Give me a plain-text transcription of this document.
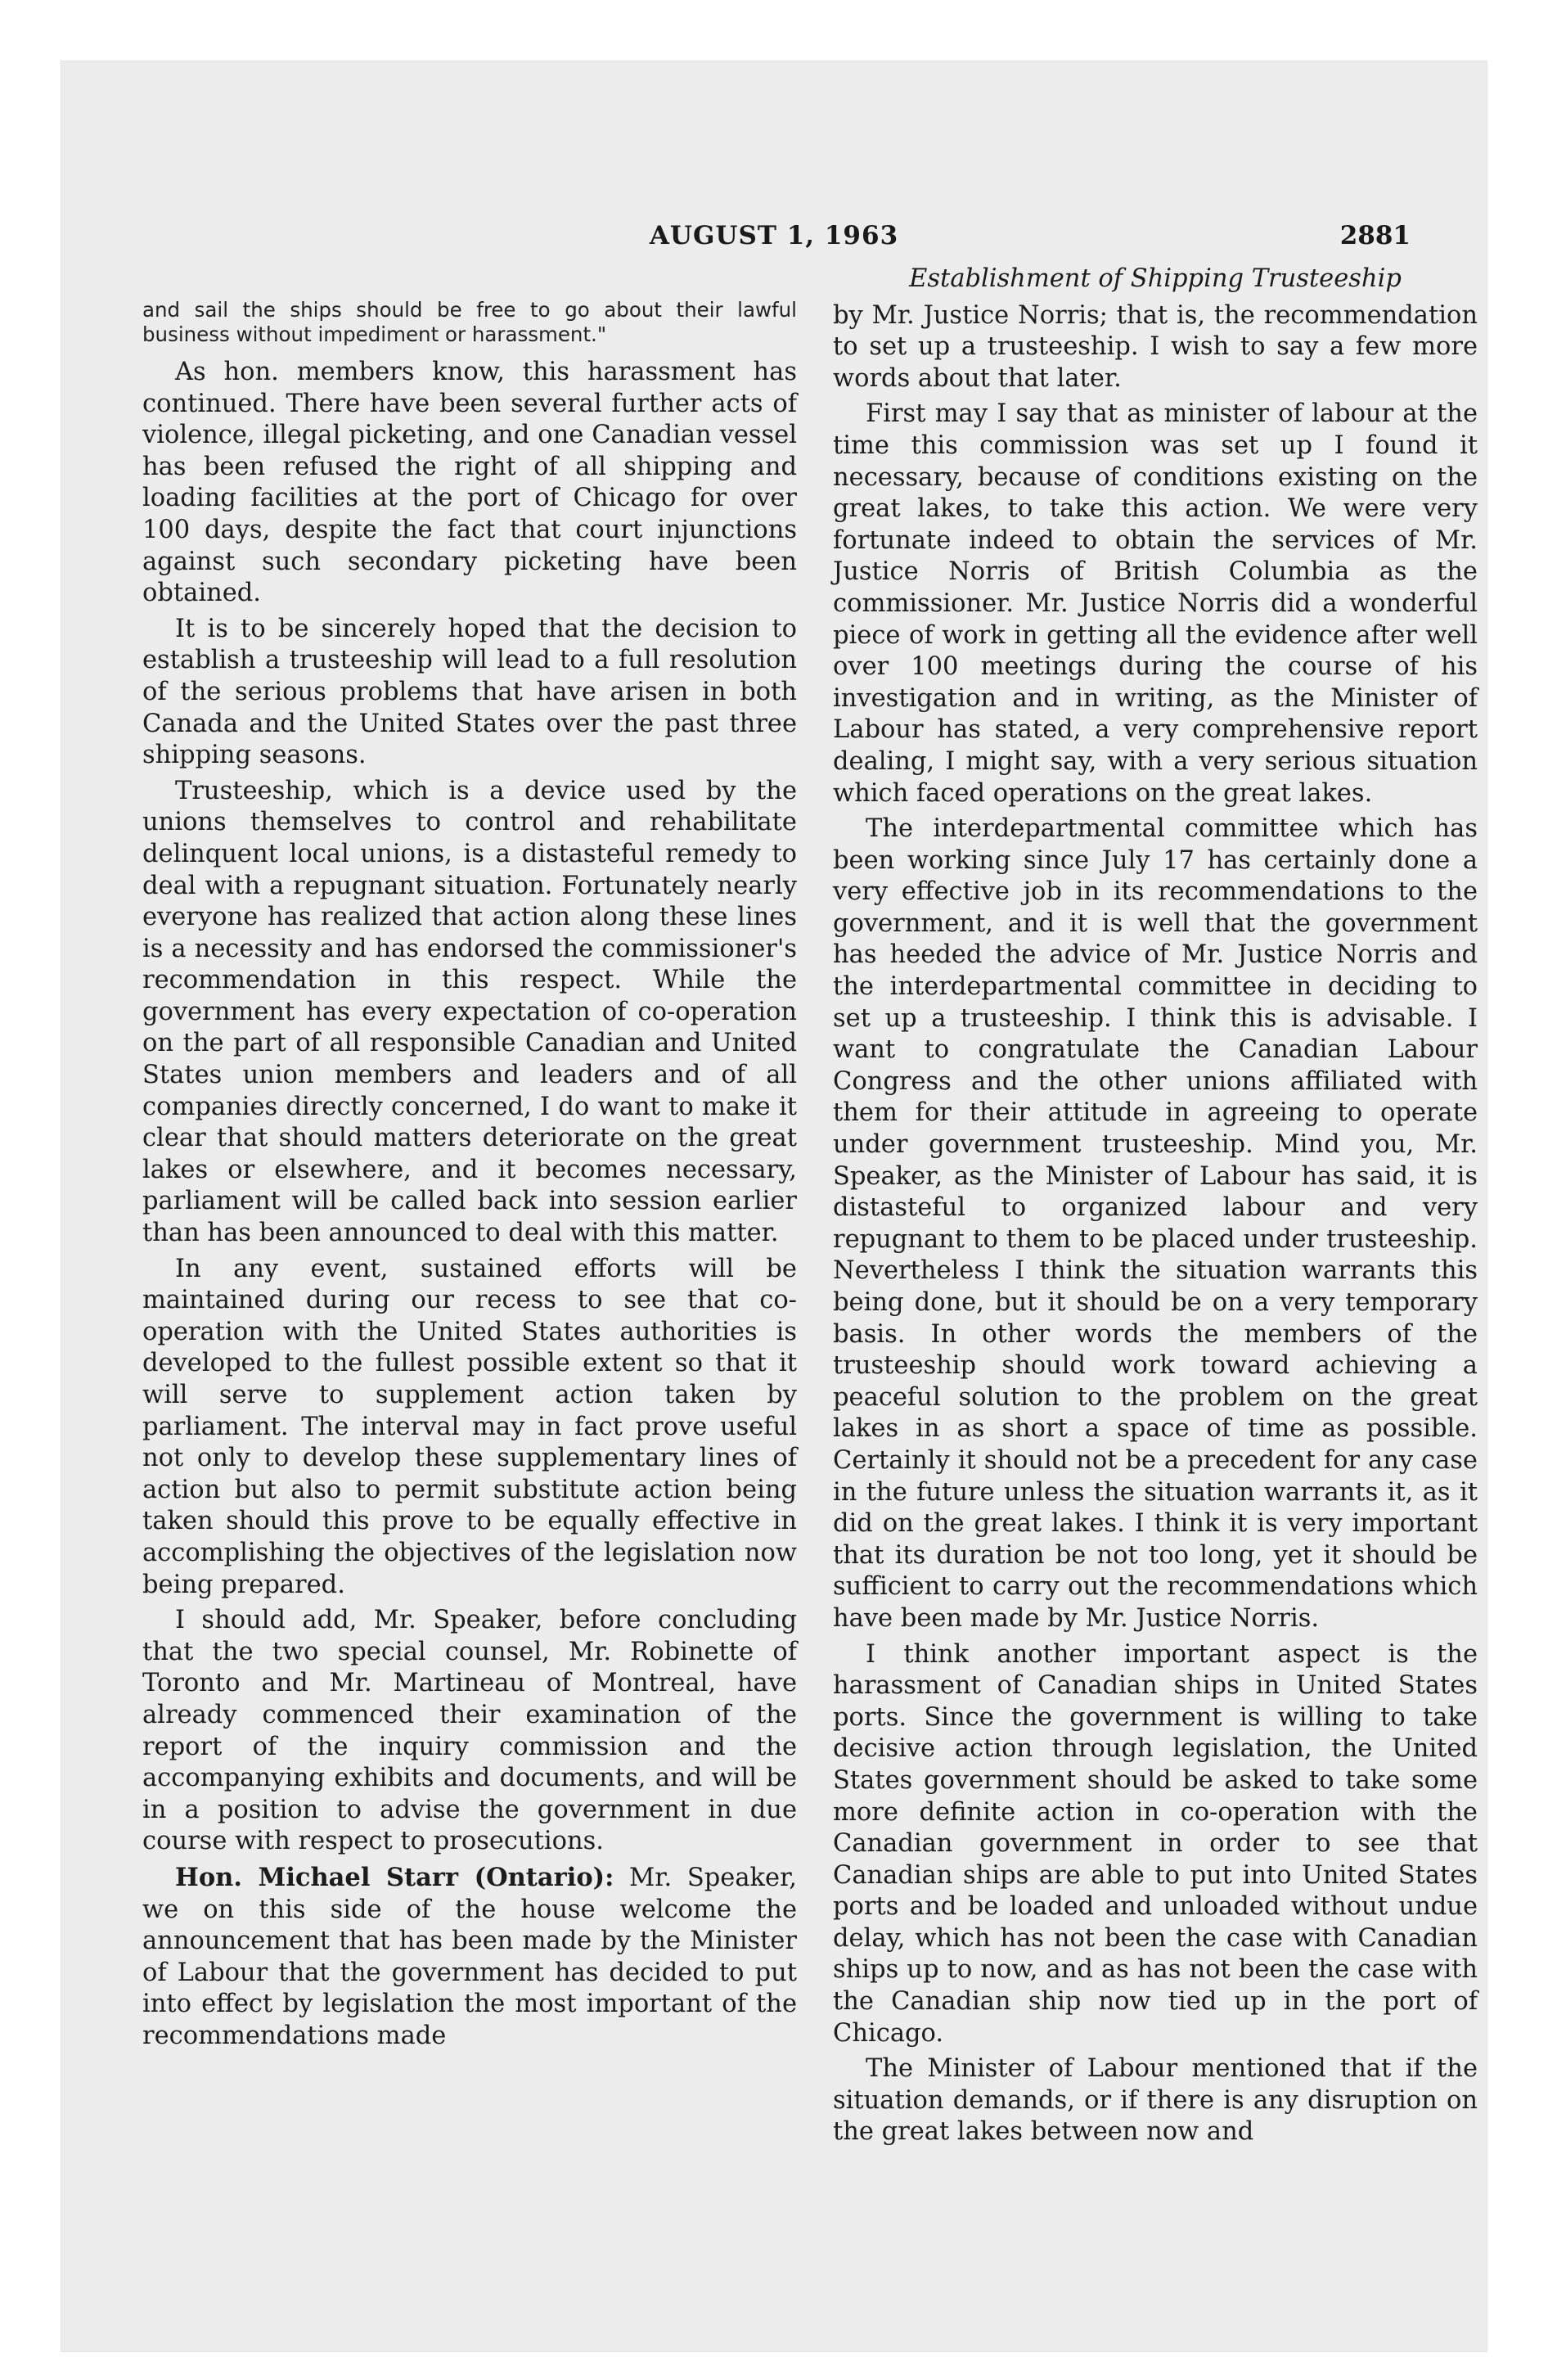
AUGUST 1, 1963	2881

and sail the ships should be free to go about their lawful business without impediment or harassment."

As hon. members know, this harassment has continued. There have been several further acts of violence, illegal picketing, and one Canadian vessel has been refused the right of all shipping and loading facilities at the port of Chicago for over 100 days, despite the fact that court injunctions against such secondary picketing have been obtained.

It is to be sincerely hoped that the decision to establish a trusteeship will lead to a full resolution of the serious problems that have arisen in both Canada and the United States over the past three shipping seasons.

Trusteeship, which is a device used by the unions themselves to control and rehabilitate delinquent local unions, is a distasteful remedy to deal with a repugnant situation. Fortunately nearly everyone has realized that action along these lines is a necessity and has endorsed the commissioner's recommendation in this respect. While the government has every expectation of co-operation on the part of all responsible Canadian and United States union members and leaders and of all companies directly concerned, I do want to make it clear that should matters deteriorate on the great lakes or elsewhere, and it becomes necessary, parliament will be called back into session earlier than has been announced to deal with this matter.

In any event, sustained efforts will be maintained during our recess to see that co-operation with the United States authorities is developed to the fullest possible extent so that it will serve to supplement action taken by parliament. The interval may in fact prove useful not only to develop these supplementary lines of action but also to permit substitute action being taken should this prove to be equally effective in accomplishing the objectives of the legislation now being prepared.

I should add, Mr. Speaker, before concluding that the two special counsel, Mr. Robinette of Toronto and Mr. Martineau of Montreal, have already commenced their examination of the report of the inquiry commission and the accompanying exhibits and documents, and will be in a position to advise the government in due course with respect to prosecutions.

Hon. Michael Starr (Ontario): Mr. Speaker, we on this side of the house welcome the announcement that has been made by the Minister of Labour that the government has decided to put into effect by legislation the most important of the recommendations made

Establishment of Shipping Trusteeship

by Mr. Justice Norris; that is, the recommendation to set up a trusteeship. I wish to say a few more words about that later.

First may I say that as minister of labour at the time this commission was set up I found it necessary, because of conditions existing on the great lakes, to take this action. We were very fortunate indeed to obtain the services of Mr. Justice Norris of British Columbia as the commissioner. Mr. Justice Norris did a wonderful piece of work in getting all the evidence after well over 100 meetings during the course of his investigation and in writing, as the Minister of Labour has stated, a very comprehensive report dealing, I might say, with a very serious situation which faced operations on the great lakes.

The interdepartmental committee which has been working since July 17 has certainly done a very effective job in its recommendations to the government, and it is well that the government has heeded the advice of Mr. Justice Norris and the interdepartmental committee in deciding to set up a trusteeship. I think this is advisable. I want to congratulate the Canadian Labour Congress and the other unions affiliated with them for their attitude in agreeing to operate under government trusteeship. Mind you, Mr. Speaker, as the Minister of Labour has said, it is distasteful to organized labour and very repugnant to them to be placed under trusteeship. Nevertheless I think the situation warrants this being done, but it should be on a very temporary basis. In other words the members of the trusteeship should work toward achieving a peaceful solution to the problem on the great lakes in as short a space of time as possible. Certainly it should not be a precedent for any case in the future unless the situation warrants it, as it did on the great lakes. I think it is very important that its duration be not too long, yet it should be sufficient to carry out the recommendations which have been made by Mr. Justice Norris.

I think another important aspect is the harassment of Canadian ships in United States ports. Since the government is willing to take decisive action through legislation, the United States government should be asked to take some more definite action in co-operation with the Canadian government in order to see that Canadian ships are able to put into United States ports and be loaded and unloaded without undue delay, which has not been the case with Canadian ships up to now, and as has not been the case with the Canadian ship now tied up in the port of Chicago.

The Minister of Labour mentioned that if the situation demands, or if there is any disruption on the great lakes between now and
